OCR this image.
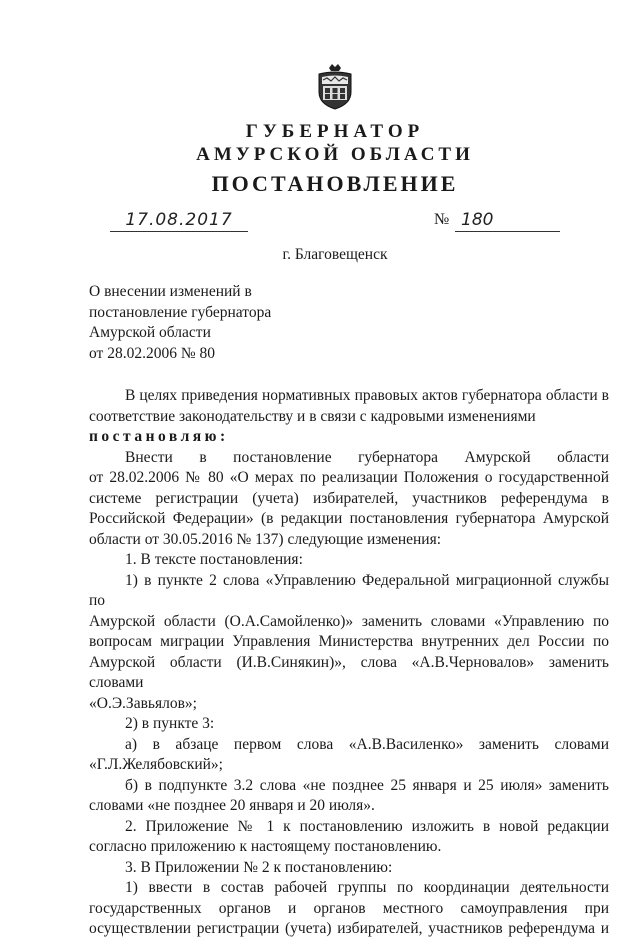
ГУБЕРНАТОР
АМУРСКОЙ ОБЛАСТИ
ПОСТАНОВЛЕНИЕ
17.08.2017	№ 180
г. Благовещенск
О внесении изменений в
постановление губернатора
Амурской области
от 28.02.2006 № 80
В целях приведения нормативных правовых актов губернатора области в
соответствие законодательству и в связи с кадровыми изменениями
постановляю:
Внести в постановление губернатора Амурской области
от 28.02.2006 № 80 «О мерах по реализации Положения о государственной
системе регистрации (учета) избирателей, участников референдума в
Российской Федерации» (в редакции постановления губернатора Амурской
области от 30.05.2016 № 137) следующие изменения:
1. В тексте постановления:
1) в пункте 2 слова «Управлению Федеральной миграционной службы по
Амурской области (О.А.Самойленко)» заменить словами «Управлению по
вопросам миграции Управления Министерства внутренних дел России по
Амурской области (И.В.Синякин)», слова «А.В.Черновалов» заменить словами
«О.Э.Завьялов»;
2) в пункте 3:
а) в абзаце первом слова «А.В.Василенко» заменить словами
«Г.Л.Желябовский»;
б) в подпункте 3.2 слова «не позднее 25 января и 25 июля» заменить
словами «не позднее 20 января и 20 июля».
2. Приложение № 1 к постановлению изложить в новой редакции
согласно приложению к настоящему постановлению.
3. В Приложении № 2 к постановлению:
1) ввести в состав рабочей группы по координации деятельности
государственных органов и органов местного самоуправления при
осуществлении регистрации (учета) избирателей, участников референдума и
